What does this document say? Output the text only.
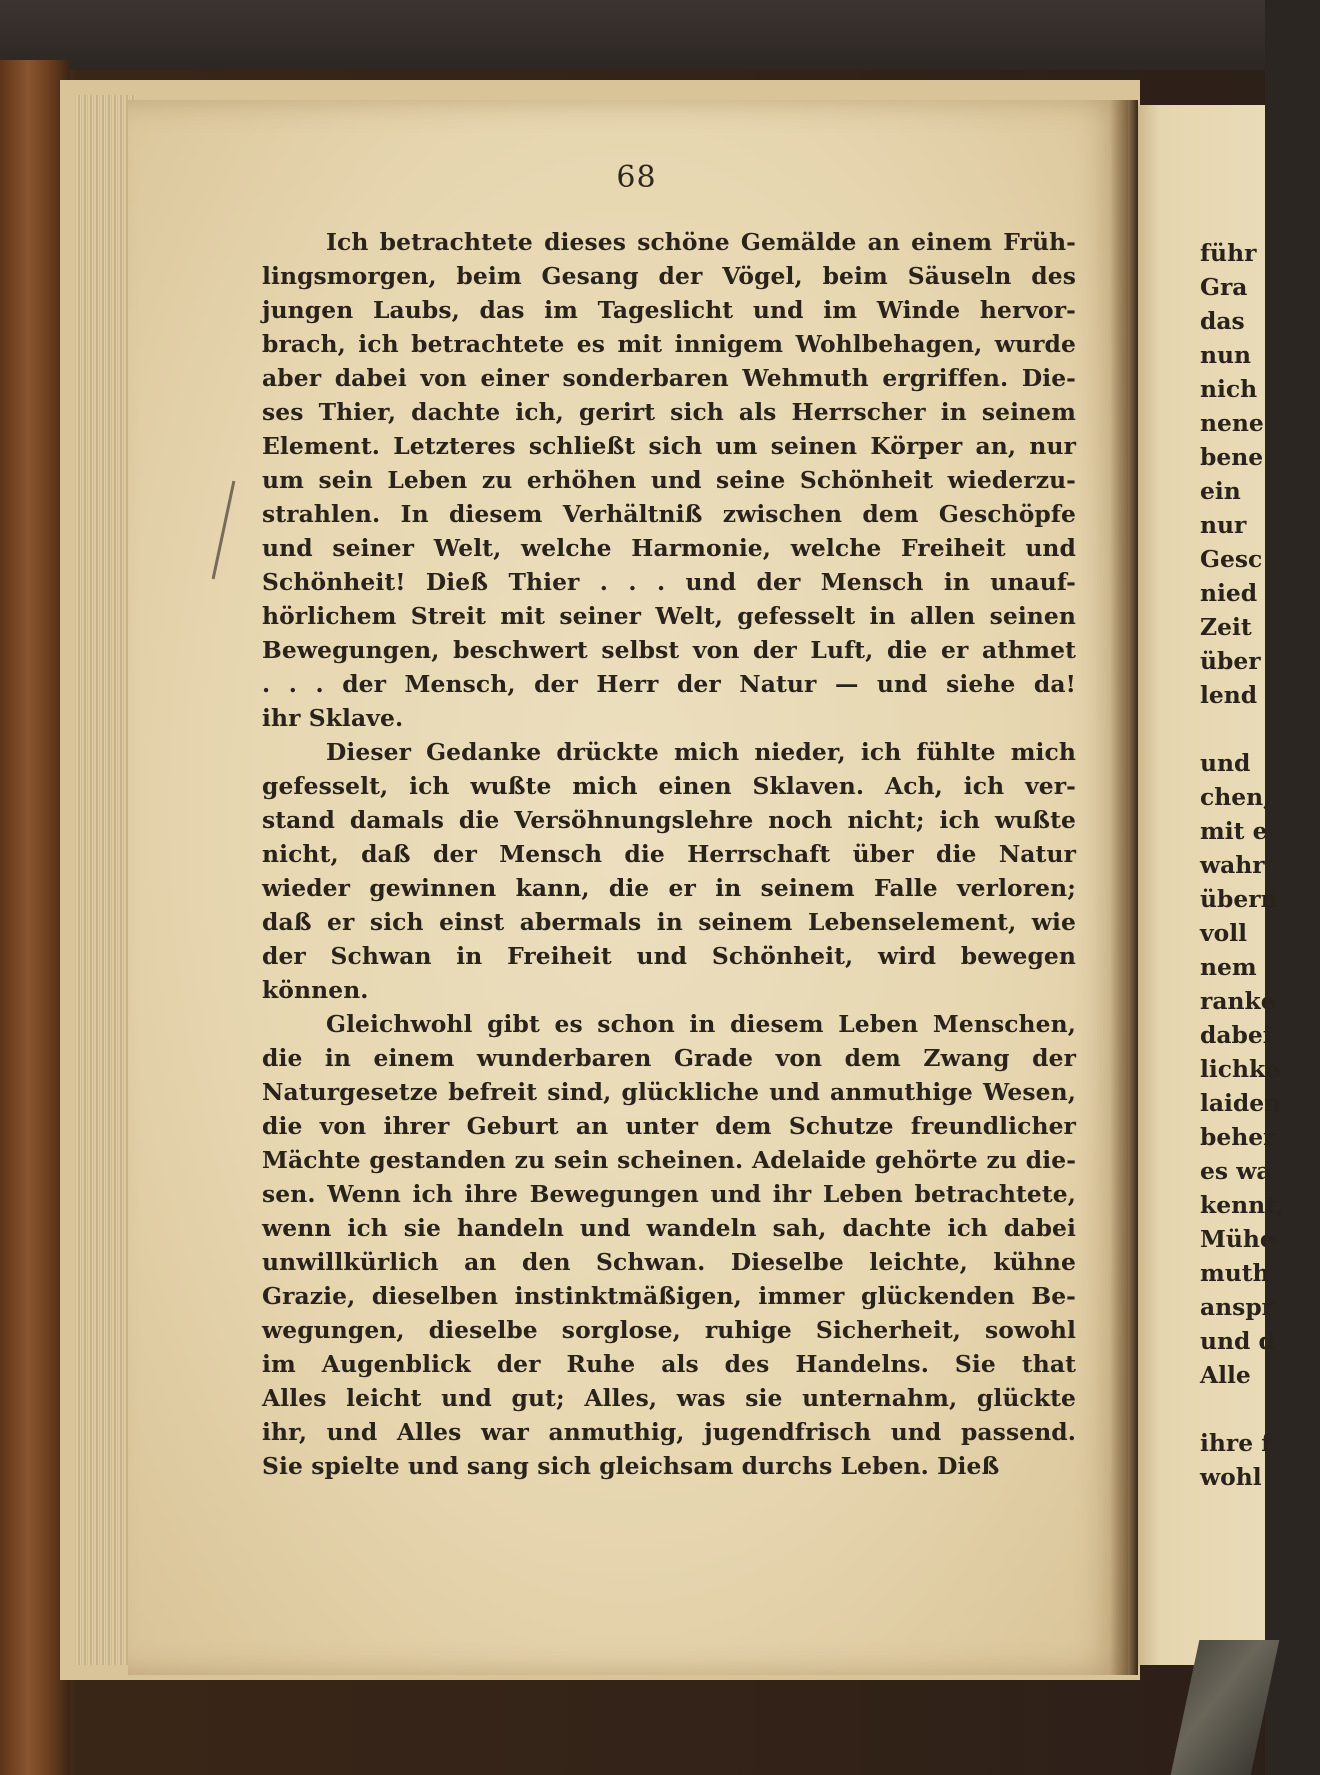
68
Ich betrachtete dieses schöne Gemälde an einem Früh-
lingsmorgen, beim Gesang der Vögel, beim Säuseln des
jungen Laubs, das im Tageslicht und im Winde hervor-
brach, ich betrachtete es mit innigem Wohlbehagen, wurde
aber dabei von einer sonderbaren Wehmuth ergriffen. Die-
ses Thier, dachte ich, gerirt sich als Herrscher in seinem
Element. Letzteres schließt sich um seinen Körper an, nur
um sein Leben zu erhöhen und seine Schönheit wiederzu-
strahlen. In diesem Verhältniß zwischen dem Geschöpfe
und seiner Welt, welche Harmonie, welche Freiheit und
Schönheit! Dieß Thier . . . und der Mensch in unauf-
hörlichem Streit mit seiner Welt, gefesselt in allen seinen
Bewegungen, beschwert selbst von der Luft, die er athmet
. . . der Mensch, der Herr der Natur — und siehe da!
ihr Sklave.
Dieser Gedanke drückte mich nieder, ich fühlte mich
gefesselt, ich wußte mich einen Sklaven. Ach, ich ver-
stand damals die Versöhnungslehre noch nicht; ich wußte
nicht, daß der Mensch die Herrschaft über die Natur
wieder gewinnen kann, die er in seinem Falle verloren;
daß er sich einst abermals in seinem Lebenselement, wie
der Schwan in Freiheit und Schönheit, wird bewegen
können.
Gleichwohl gibt es schon in diesem Leben Menschen,
die in einem wunderbaren Grade von dem Zwang der
Naturgesetze befreit sind, glückliche und anmuthige Wesen,
die von ihrer Geburt an unter dem Schutze freundlicher
Mächte gestanden zu sein scheinen. Adelaide gehörte zu die-
sen. Wenn ich ihre Bewegungen und ihr Leben betrachtete,
wenn ich sie handeln und wandeln sah, dachte ich dabei
unwillkürlich an den Schwan. Dieselbe leichte, kühne
Grazie, dieselben instinktmäßigen, immer glückenden Be-
wegungen, dieselbe sorglose, ruhige Sicherheit, sowohl
im Augenblick der Ruhe als des Handelns. Sie that
Alles leicht und gut; Alles, was sie unternahm, glückte
ihr, und Alles war anmuthig, jugendfrisch und passend.
Sie spielte und sang sich gleichsam durchs Leben. Dieß
führ
Gra
das
nun
nich
nene
bene
ein
nur
Gesc
nied
Zeit
über
lend
und
chen,
mit e
wahr
übern
voll
nem
ranke
dabei
lichke
laiden
beher
es wa
kennt,
Mühe
muth
anspr
und d
Alle
ihre f
wohl
